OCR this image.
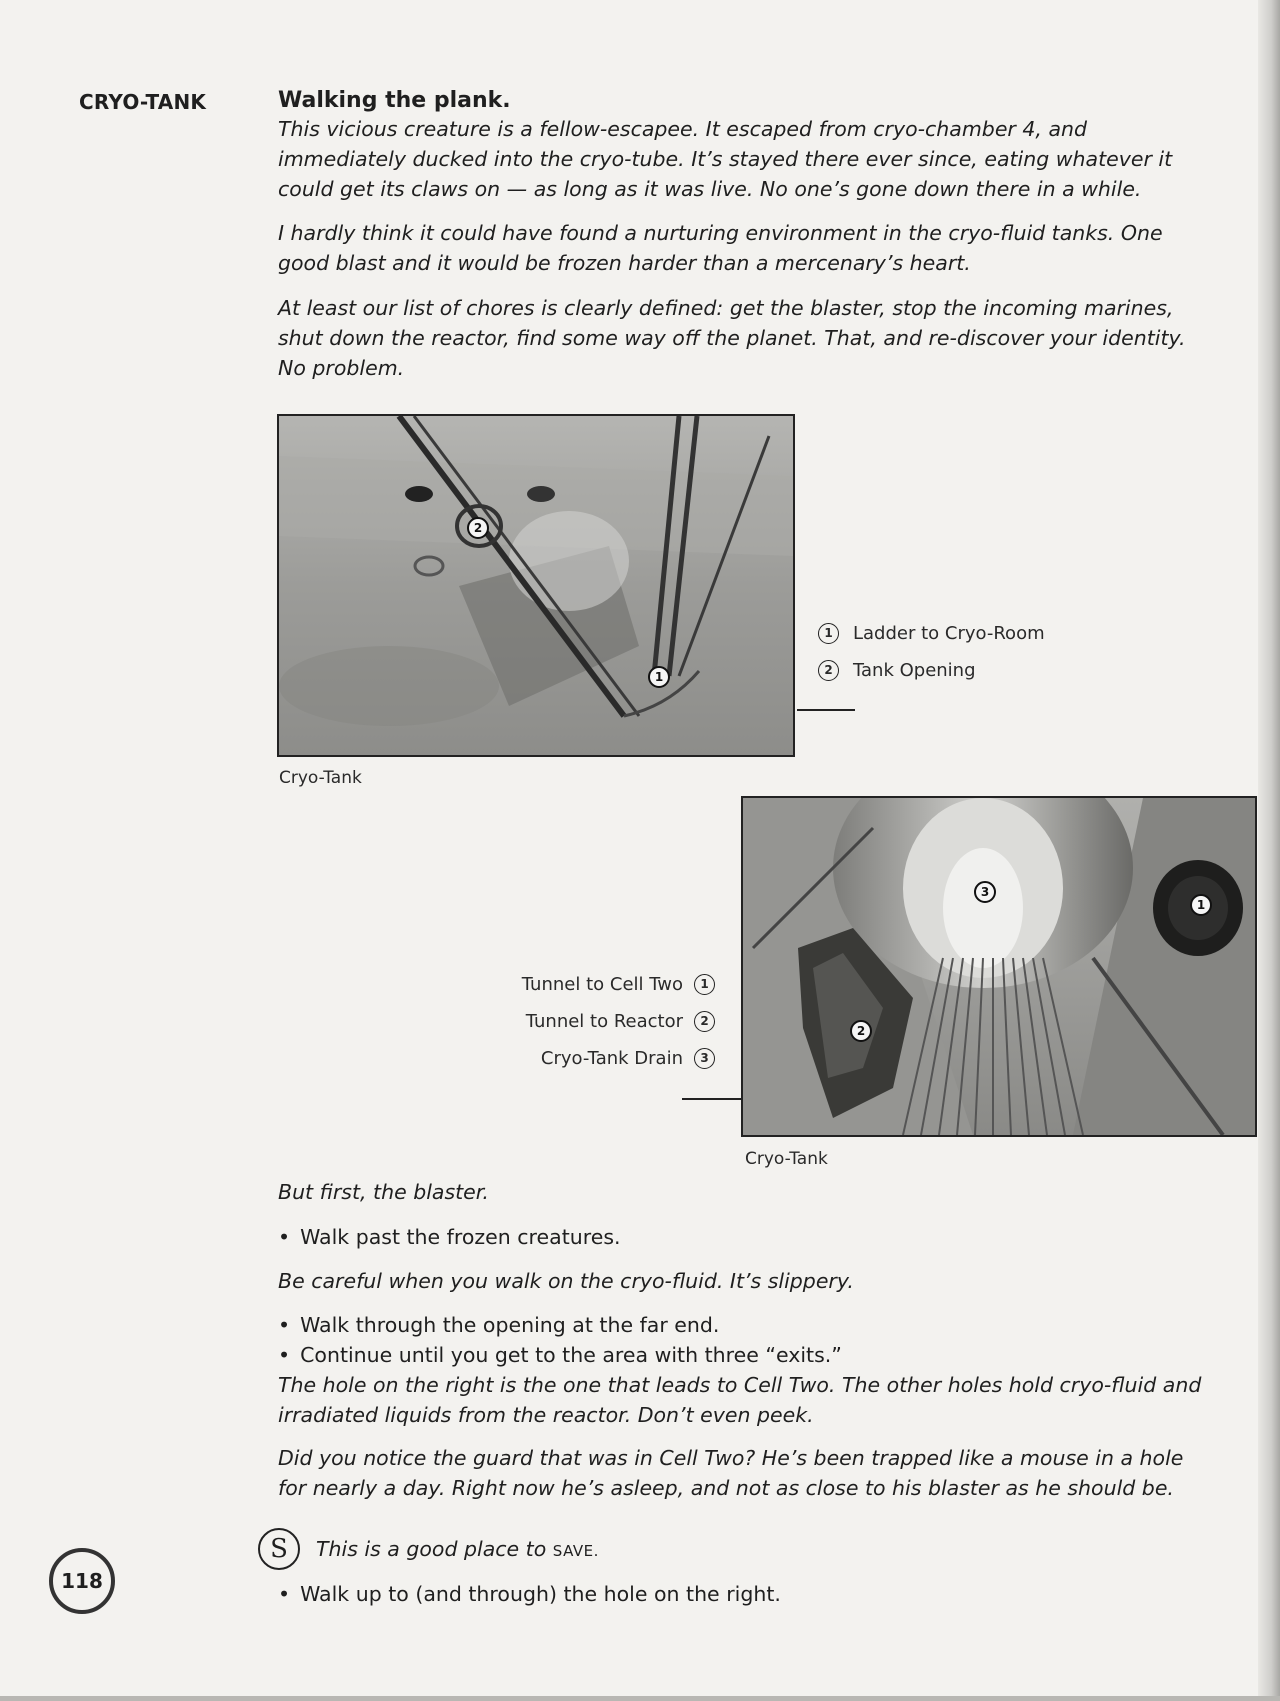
CRYO-TANK	Walking the plank.

This vicious creature is a fellow-escapee. It escaped from cryo-chamber 4, and immediately ducked into the cryo-tube. It’s stayed there ever since, eating whatever it could get its claws on — as long as it was live. No one’s gone down there in a while.

I hardly think it could have found a nurturing environment in the cryo-fluid tanks. One good blast and it would be frozen harder than a mercenary’s heart.

At least our list of chores is clearly defined: get the blaster, stop the incoming marines, shut down the reactor, find some way off the planet. That, and re-discover your identity. No problem.

2
1
Cryo-Tank
1	Ladder to Cryo-Room
2	Tank Opening
3
1
2
Cryo-Tank
Tunnel to Cell Two	1
Tunnel to Reactor	2
Cryo-Tank Drain	3

But first, the blaster.

• Walk past the frozen creatures.

Be careful when you walk on the cryo-fluid. It’s slippery.

• Walk through the opening at the far end.

• Continue until you get to the area with three “exits.”

The hole on the right is the one that leads to Cell Two. The other holes hold cryo-fluid and irradiated liquids from the reactor. Don’t even peek.

Did you notice the guard that was in Cell Two? He’s been trapped like a mouse in a hole for nearly a day. Right now he’s asleep, and not as close to his blaster as he should be.

S	This is a good place to SAVE.

• Walk up to (and through) the hole on the right.

118
